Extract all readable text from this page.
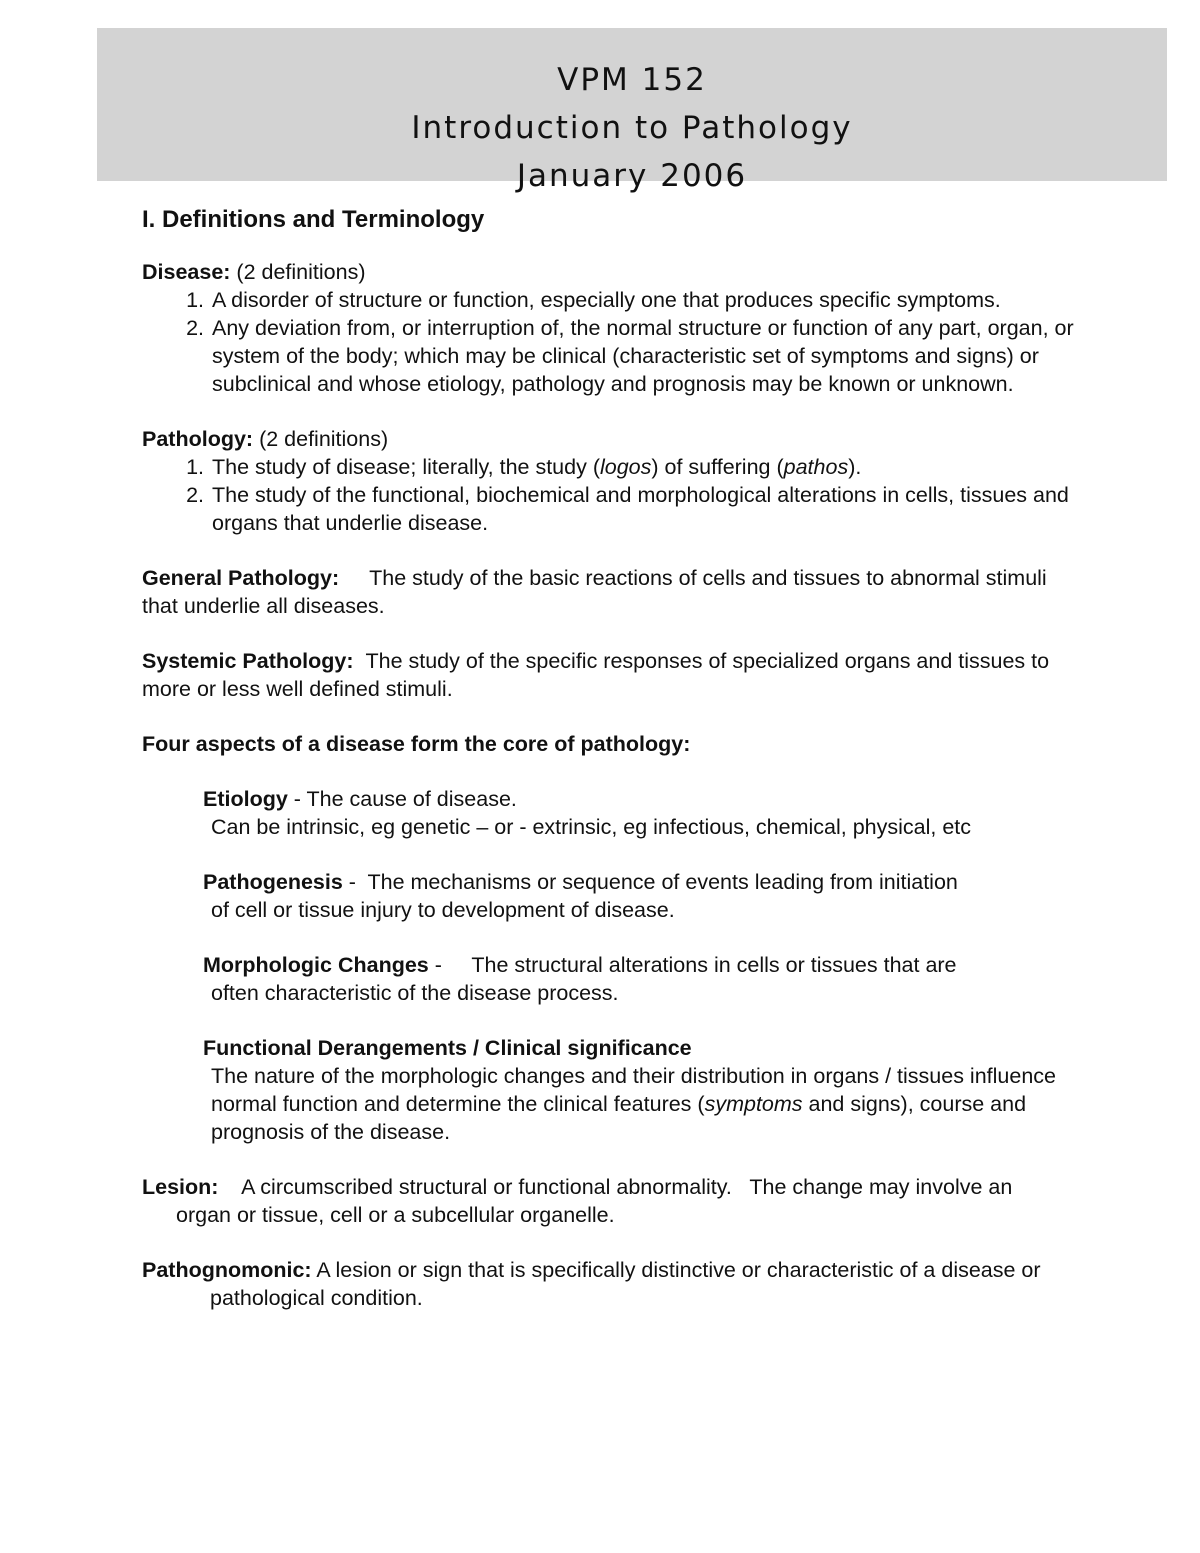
VPM 152
Introduction to Pathology
January 2006
I. Definitions and Terminology
Disease: (2 definitions)
1. A disorder of structure or function, especially one that produces specific symptoms.
2. Any deviation from, or interruption of, the normal structure or function of any part, organ, or system of the body; which may be clinical (characteristic set of symptoms and signs) or subclinical and whose etiology, pathology and prognosis may be known or unknown.
Pathology: (2 definitions)
1. The study of disease; literally, the study (logos) of suffering (pathos).
2. The study of the functional, biochemical and morphological alterations in cells, tissues and organs that underlie disease.
General Pathology: The study of the basic reactions of cells and tissues to abnormal stimuli that underlie all diseases.
Systemic Pathology: The study of the specific responses of specialized organs and tissues to more or less well defined stimuli.
Four aspects of a disease form the core of pathology:
Etiology - The cause of disease.
Can be intrinsic, eg genetic – or - extrinsic, eg infectious, chemical, physical, etc
Pathogenesis -  The mechanisms or sequence of events leading from initiation
of cell or tissue injury to development of disease.
Morphologic Changes -     The structural alterations in cells or tissues that are
often characteristic of the disease process.
Functional Derangements / Clinical significance
The nature of the morphologic changes and their distribution in organs / tissues influence normal function and determine the clinical features (symptoms and signs), course and prognosis of the disease.
Lesion: A circumscribed structural or functional abnormality.   The change may involve an organ or tissue, cell or a subcellular organelle.
Pathognomonic: A lesion or sign that is specifically distinctive or characteristic of a disease or pathological condition.
